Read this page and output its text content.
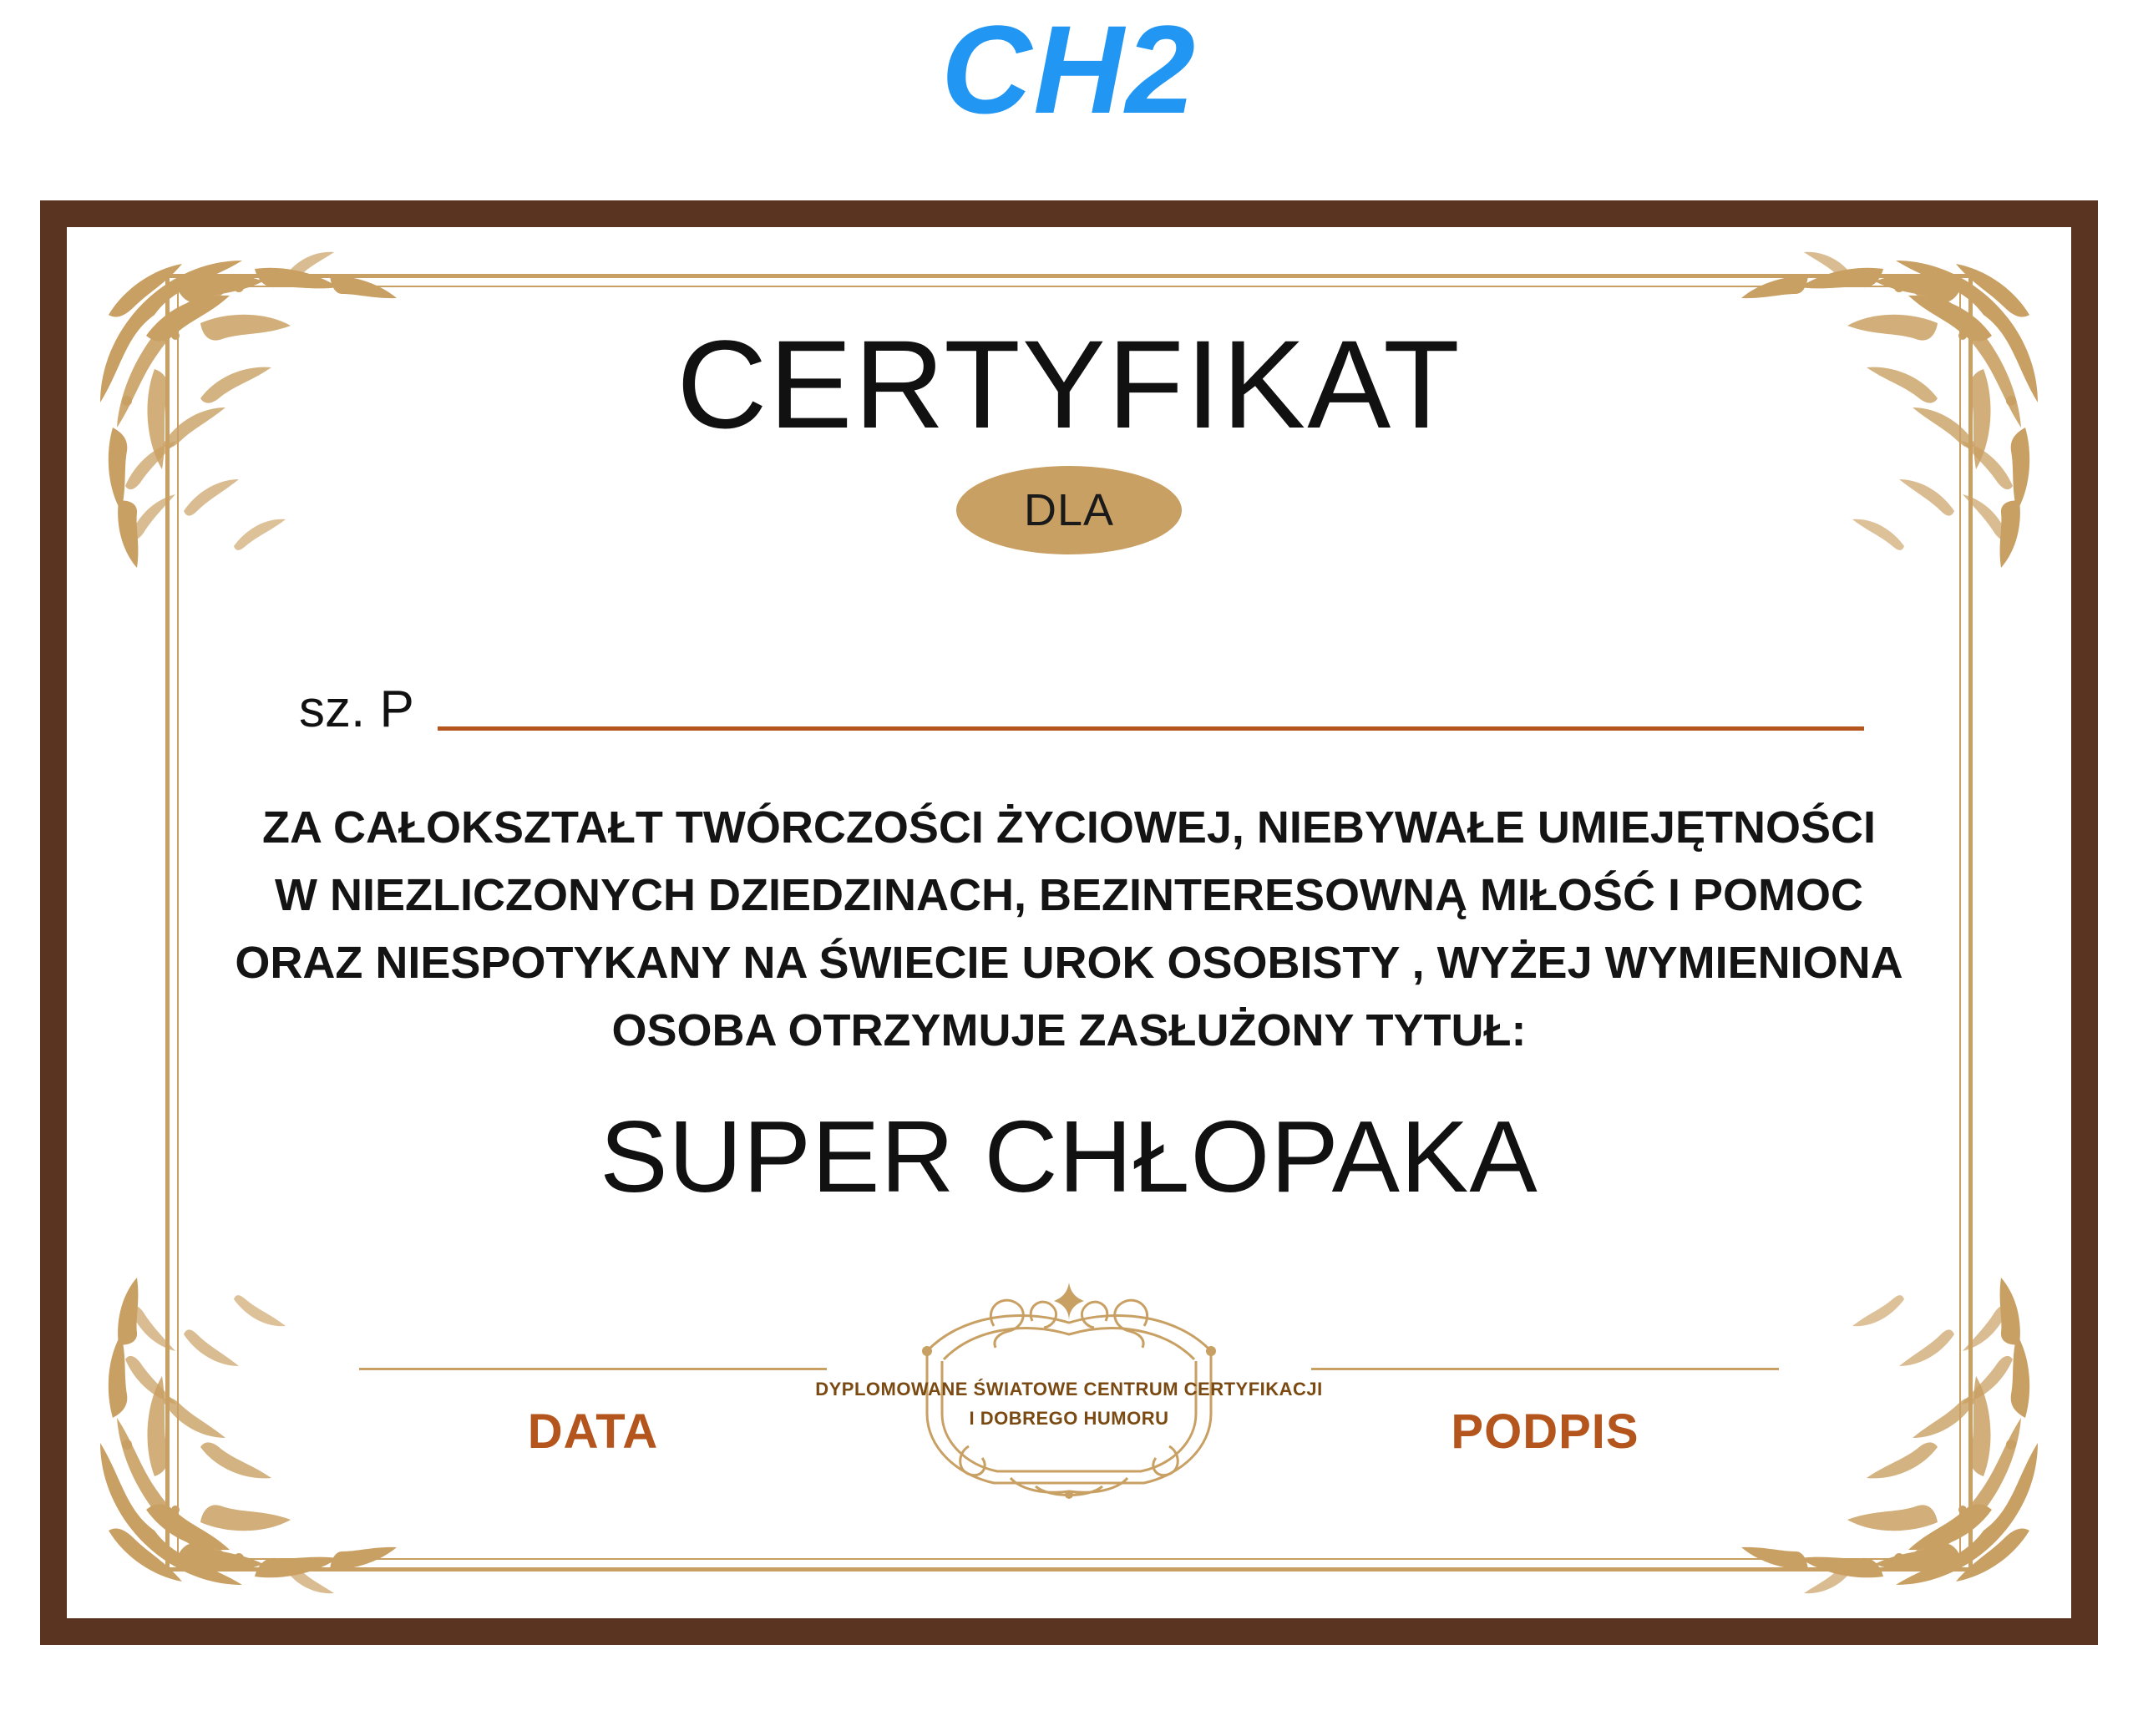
CH2
CERTYFIKAT
DLA
sz. P
ZA CAŁOKSZTAŁT TWÓRCZOŚCI ŻYCIOWEJ, NIEBYWAŁE UMIEJĘTNOŚCI
W NIEZLICZONYCH DZIEDZINACH, BEZINTERESOWNĄ MIŁOŚĆ I POMOC
ORAZ NIESPOTYKANY NA ŚWIECIE UROK OSOBISTY , WYŻEJ WYMIENIONA
OSOBA OTRZYMUJE ZASŁUŻONY TYTUŁ:
SUPER CHŁOPAKA
DATA
DYPLOMOWANE ŚWIATOWE CENTRUM CERTYFIKACJI
I DOBREGO HUMORU	PODPIS
